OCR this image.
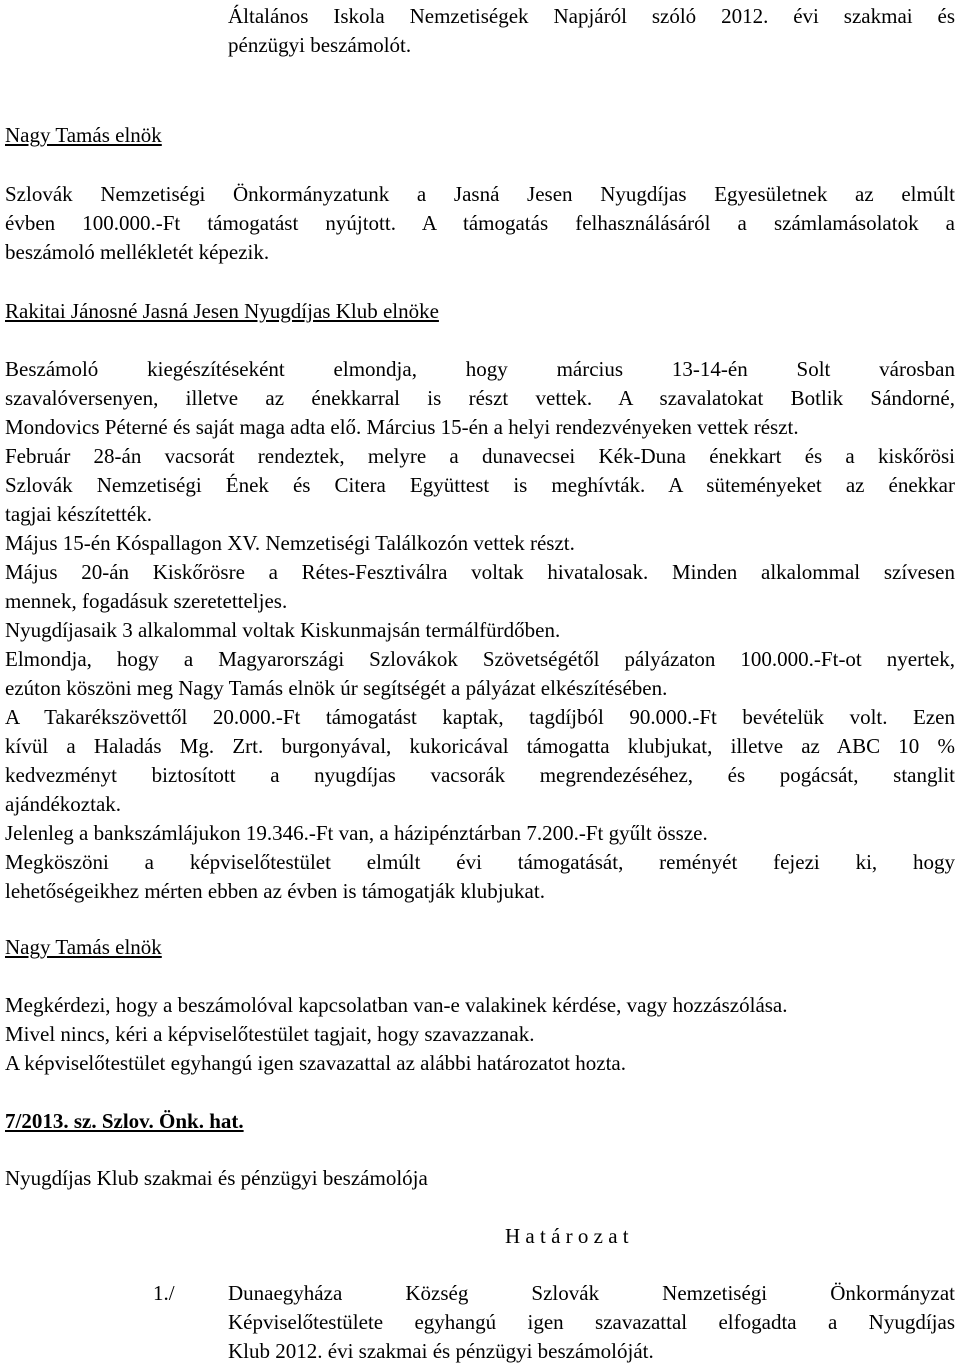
Általános Iskola Nemzetiségek Napjáról szóló 2012. évi szakmai és

pénzügyi beszámolót.

Nagy Tamás elnök

Szlovák Nemzetiségi Önkormányzatunk a Jasná Jesen Nyugdíjas Egyesületnek az elmúlt

évben 100.000.-Ft támogatást nyújtott. A támogatás felhasználásáról a számlamásolatok a

beszámoló mellékletét képezik.

Rakitai Jánosné Jasná Jesen Nyugdíjas Klub elnöke

Beszámoló kiegészítéseként elmondja, hogy március 13-14-én Solt városban

szavalóversenyen, illetve az énekkarral is részt vettek. A szavalatokat Botlik Sándorné,

Mondovics Péterné és saját maga adta elő. Március 15-én a helyi rendezvényeken vettek részt.

Február 28-án vacsorát rendeztek, melyre a dunavecsei Kék-Duna énekkart és a kiskőrösi

Szlovák Nemzetiségi Ének és Citera Együttest is meghívták. A süteményeket az énekkar

tagjai készítették.

Május 15-én Kóspallagon XV. Nemzetiségi Találkozón vettek részt.

Május 20-án Kiskőrösre a Rétes-Fesztiválra voltak hivatalosak. Minden alkalommal szívesen

mennek, fogadásuk szeretetteljes.

Nyugdíjasaik 3 alkalommal voltak Kiskunmajsán termálfürdőben.

Elmondja, hogy a Magyarországi Szlovákok Szövetségétől pályázaton 100.000.-Ft-ot nyertek,

ezúton köszöni meg Nagy Tamás elnök úr segítségét a pályázat elkészítésében.

A Takarékszövettől 20.000.-Ft támogatást kaptak, tagdíjból 90.000.-Ft bevételük volt. Ezen

kívül a Haladás Mg. Zrt. burgonyával, kukoricával támogatta klubjukat, illetve az ABC 10 %

kedvezményt biztosított a nyugdíjas vacsorák megrendezéséhez, és pogácsát, stanglit

ajándékoztak.

Jelenleg a bankszámlájukon 19.346.-Ft van, a házipénztárban 7.200.-Ft gyűlt össze.

Megköszöni a képviselőtestület elmúlt évi támogatását, reményét fejezi ki, hogy

lehetőségeikhez mérten ebben az évben is támogatják klubjukat.

Nagy Tamás elnök

Megkérdezi, hogy a beszámolóval kapcsolatban van-e valakinek kérdése, vagy hozzászólása.

Mivel nincs, kéri a képviselőtestület tagjait, hogy szavazzanak.

A képviselőtestület egyhangú igen szavazattal az alábbi határozatot hozta.

7/2013. sz. Szlov. Önk. hat.

Nyugdíjas Klub szakmai és pénzügyi beszámolója

H a t á r o z a t

1./	Dunaegyháza Község Szlovák Nemzetiségi Önkormányzat

Képviselőtestülete egyhangú igen szavazattal elfogadta a Nyugdíjas

Klub 2012. évi szakmai és pénzügyi beszámolóját.
